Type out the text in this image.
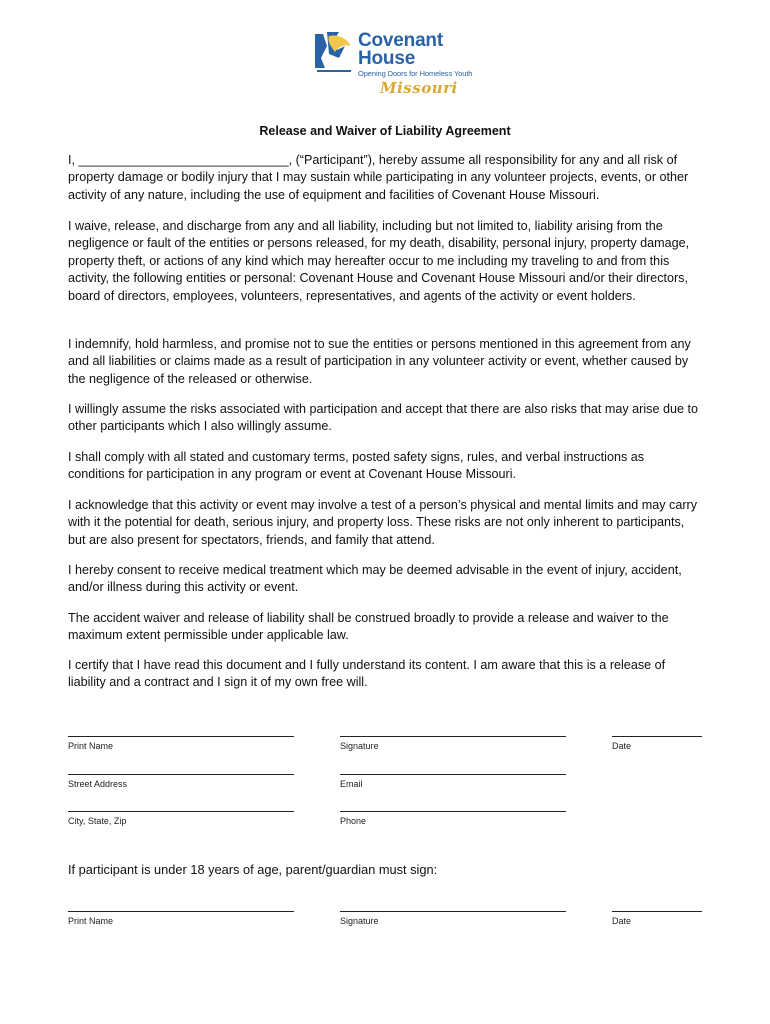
Covenant
House
Opening Doors for Homeless Youth
Missouri
Release and Waiver of Liability Agreement

I, ______________________________, (“Participant”), hereby assume all responsibility for any and all risk of property damage or bodily injury that I may sustain while participating in any volunteer projects, events, or other activity of any nature, including the use of equipment and facilities of Covenant House Missouri.

I waive, release, and discharge from any and all liability, including but not limited to, liability arising from the negligence or fault of the entities or persons released, for my death, disability, personal injury, property damage, property theft, or actions of any kind which may hereafter occur to me including my traveling to and from this activity, the following entities or personal: Covenant House and Covenant House Missouri and/or their directors, board of directors, employees, volunteers, representatives, and agents of the activity or event holders.

I indemnify, hold harmless, and promise not to sue the entities or persons mentioned in this agreement from any and all liabilities or claims made as a result of participation in any volunteer activity or event, whether caused by the negligence of the released or otherwise.

I willingly assume the risks associated with participation and accept that there are also risks that may arise due to other participants which I also willingly assume.

I shall comply with all stated and customary terms, posted safety signs, rules, and verbal instructions as conditions for participation in any program or event at Covenant House Missouri.

I acknowledge that this activity or event may involve a test of a person’s physical and mental limits and may carry with it the potential for death, serious injury, and property loss. These risks are not only inherent to participants, but are also present for spectators, friends, and family that attend.

I hereby consent to receive medical treatment which may be deemed advisable in the event of injury, accident, and/or illness during this activity or event.

The accident waiver and release of liability shall be construed broadly to provide a release and waiver to the maximum extent permissible under applicable law.

I certify that I have read this document and I fully understand its content. I am aware that this is a release of liability and a contract and I sign it of my own free will.

Print Name	Signature	Date
Street Address	Email
City, State, Zip	Phone
If participant is under 18 years of age, parent/guardian must sign:
Print Name	Signature	Date
